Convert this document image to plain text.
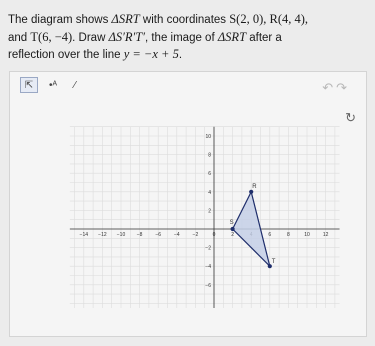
The diagram shows ΔSRT with coordinates S(2, 0), R(4, 4),
and T(6, −4). Draw ΔS′R′T′, the image of ΔSRT after a
reflection over the line y = −x + 5.
⇱ •ᴬ ⁄	↶↷
↻
−14 −12 −10 −8	−6	−4	−2	0	2	6	8	10	12
10
8
6
4
2
−2
−4
−6
S
R
T
